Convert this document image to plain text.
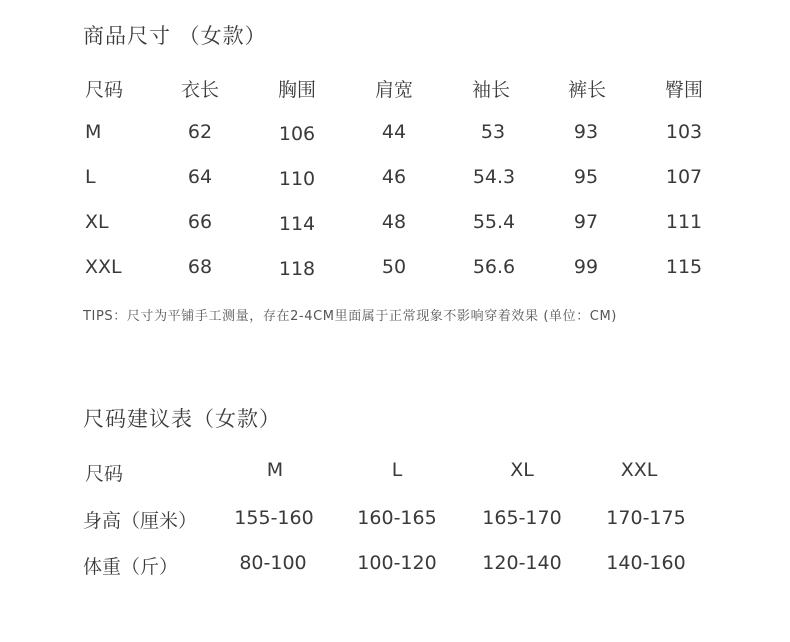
商品尺寸 （女款）
尺码	衣长	胸围	肩宽	袖长	裤长	臀围
M	62	106	44	53	93	103
L	64	110	46	54.3	95	107
XL	66	114	48	55.4	97	111
XXL	68	118	50	56.6	99	115
TIPS：尺寸为平铺手工测量，存在2-4CM里面属于正常现象不影响穿着效果 (单位：CM)
尺码建议表（女款）
尺码	M	L	XL	XXL
身高（厘米） 155-160 160-165 165-170 170-175
体重（斤）	80-100	100-120 120-140 140-160
